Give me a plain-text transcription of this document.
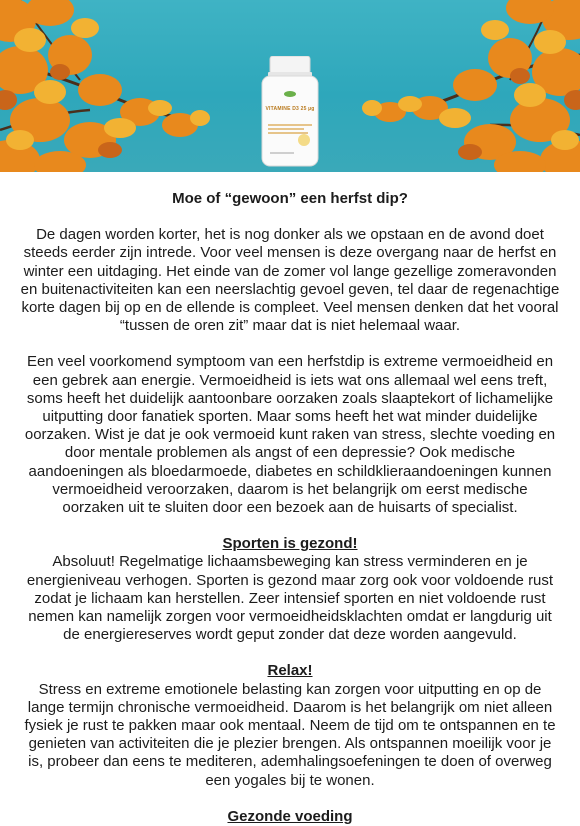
VITAMINE D3 25 µg

Moe of “gewoon” een herfst dip?

De dagen worden korter, het is nog donker als we opstaan en de avond doet steeds eerder zijn intrede. Voor veel mensen is deze overgang naar de herfst en winter een uitdaging. Het einde van de zomer vol lange gezellige zomeravonden en buitenactiviteiten kan een neerslachtig gevoel geven, tel daar de regenachtige korte dagen bij op en de ellende is compleet. Veel mensen denken dat het vooral “tussen de oren zit” maar dat is niet helemaal waar.

Een veel voorkomend symptoom van een herfstdip is extreme vermoeidheid en een gebrek aan energie. Vermoeidheid is iets wat ons allemaal wel eens treft, soms heeft het duidelijk aantoonbare oorzaken zoals slaaptekort of lichamelijke uitputting door fanatiek sporten. Maar soms heeft het wat minder duidelijke oorzaken. Wist je dat je ook vermoeid kunt raken van stress, slechte voeding en door mentale problemen als angst of een depressie? Ook medische aandoeningen als bloedarmoede, diabetes en schildklieraandoeningen kunnen vermoeidheid veroorzaken, daarom is het belangrijk om eerst medische oorzaken uit te sluiten door een bezoek aan de huisarts of specialist.

Sporten is gezond!

Absoluut! Regelmatige lichaamsbeweging kan stress verminderen en je energieniveau verhogen. Sporten is gezond maar zorg ook voor voldoende rust zodat je lichaam kan herstellen. Zeer intensief sporten en niet voldoende rust nemen kan namelijk zorgen voor vermoeidheidsklachten omdat er langdurig uit de energiereserves wordt geput zonder dat deze worden aangevuld.

Relax!

Stress en extreme emotionele belasting kan zorgen voor uitputting en op de lange termijn chronische vermoeidheid. Daarom is het belangrijk om niet alleen fysiek je rust te pakken maar ook mentaal. Neem de tijd om te ontspannen en te genieten van activiteiten die je plezier brengen. Als ontspannen moeilijk voor je is, probeer dan eens te mediteren, ademhalingsoefeningen te doen of overweg een yogales bij te wonen.

Gezonde voeding
